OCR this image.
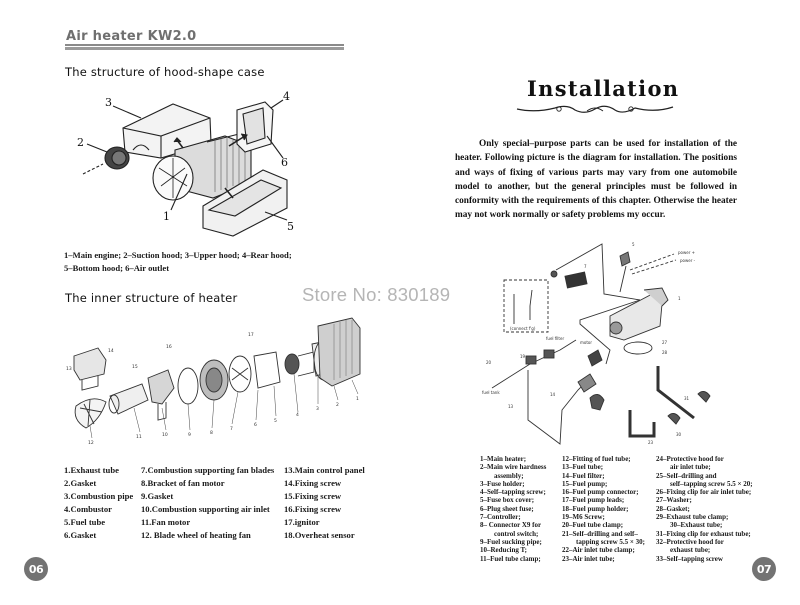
Air heater KW2.0
The structure of hood-shape case
2
3	4
6
5
1
1–Main engine; 2–Suction hood; 3–Upper hood; 4–Rear hood;
5–Bottom hood; 6–Air outlet
The inner structure of heater
13
14
15
16
17
12
11	10	9	8
7
6
5
4
3
2
1
1.Exhaust tube
2.Gasket
3.Combustion pipe
4.Combustor
5.Fuel tube
6.Gasket
7.Combustion supporting fan blades
8.Bracket of fan motor
9.Gasket
10.Combustion supporting air inlet
11.Fan motor
12. Blade wheel of heating fan
13.Main control panel
14.Fixing screw
15.Fixing screw
16.Fixing screw
17.ignitor
18.Overheat sensor
06
Installation
Only special–purpose parts can be used for installation of the heater. Following picture is the diagram for installation. The positions and ways of fixing of various parts may vary from one automobile model to another, but the general principles must be followed in conformity with the requirements of this chapter. Otherwise the heater may not work normally or safety problems my occur.
power +
power -
fuel filter
motor
fuel tank
(connect f'g)
1
5
7
28
27
31
30
23
14
13
19
20
Store No: 830189
1–Main heater;
2–Main wire hardness
assembly;
3–Fuse holder;
4–Self–tapping screw;
5–Fuse box cover;
6–Plug sheet fuse;
7–Controller;
8– Connector X9 for
control switch;
9–Fuel sucking pipe;
10–Reducing T;
11–Fuel tube clamp;
12–Fitting of fuel tube;
13–Fuel tube;
14–Fuel filter;
15–Fuel pump;
16–Fuel pump connector;
17–Fuel pump leads;
18–Fuel pump holder;
19–M6 Screw;
20–Fuel tube clamp;
21–Self–drilling and self–
tapping screw 5.5 × 30;
22–Air inlet tube clamp;
23–Air inlet tube;
24–Protective hood for
air inlet tube;
25–Self–drilling and
self–tapping screw 5.5 × 20;
26–Fixing clip for air inlet tube;
27–Washer;
28–Gasket;
29–Exhaust tube clamp;
30–Exhaust tube;
31–Fixing clip for exhaust tube;
32–Protective hood for
exhaust tube;
33–Self–tapping screw
07
